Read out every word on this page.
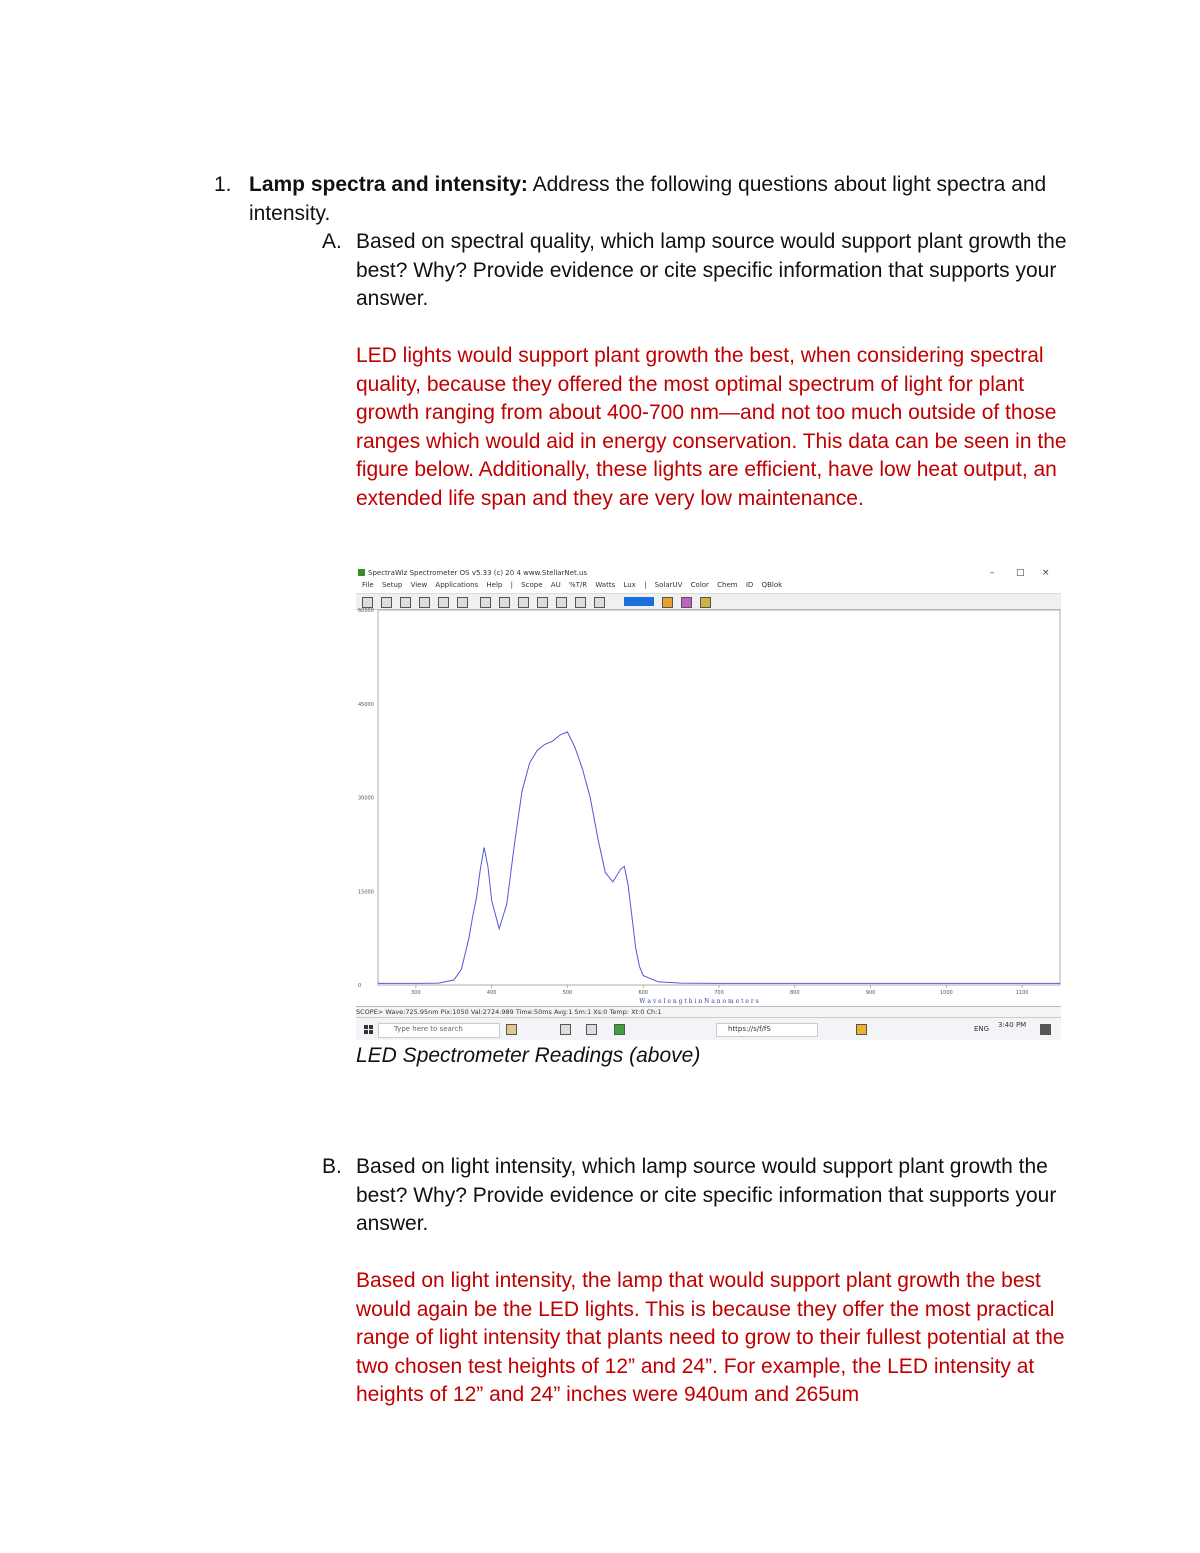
1. Lamp spectra and intensity: Address the following questions about light spectra and intensity.
A. Based on spectral quality, which lamp source would support plant growth the best? Why? Provide evidence or cite specific information that supports your answer.
LED lights would support plant growth the best, when considering spectral quality, because they offered the most optimal spectrum of light for plant growth ranging from about 400-700 nm—and not too much outside of those ranges which would aid in energy conservation. This data can be seen in the figure below. Additionally, these lights are efficient, have low heat output, an extended life span and they are very low maintenance.
SpectraWiz Spectrometer OS v5.33 (c) 20 4 www.StellarNet.us	– □ ×
File Setup View Applications Help | Scope AU %T/R Watts Lux | SolarUV Color Chem ID QBlok
60000
45000
30000
15000
0
300	400	500	600	700	800	900	1000	1100
W a v e l e n g t h i n N a n o m e t e r s
SCOPE> Wave:725.95nm Pix:1050 Val:2724.989 Time:50ms Avg:1 Sm:1 Xs:0 Temp: Xt:0 Ch:1
Type here to search	https://s/f/fS	ENG 3:40 PM
LED Spectrometer Readings (above)
B. Based on light intensity, which lamp source would support plant growth the best? Why? Provide evidence or cite specific information that supports your answer.
Based on light intensity, the lamp that would support plant growth the best would again be the LED lights. This is because they offer the most practical range of light intensity that plants need to grow to their fullest potential at the two chosen test heights of 12” and 24”. For example, the LED intensity at heights of 12” and 24” inches were 940um and 265um
